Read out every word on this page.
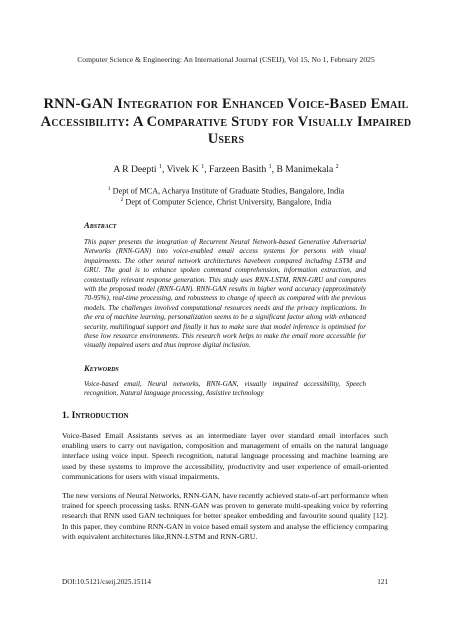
Computer Science & Engineering: An International Journal (CSEIJ), Vol 15, No 1, February 2025
RNN-GAN Integration for Enhanced Voice-Based Email Accessibility: A Comparative Study for Visually Impaired Users
A R Deepti $^1$, Vivek K $^1$, Farzeen Basith $^1$, B Manimekala $^2$
$^1$ Dept of MCA, Acharya Institute of Graduate Studies, Bangalore, India
$^2$ Dept of Computer Science, Christ University, Bangalore, India
Abstract
This paper presents the integration of Recurrent Neural Network-based Generative Adversarial Networks (RNN-GAN) into voice-enabled email access systems for persons with visual impairments. The other neural network architectures havebeen compared including LSTM and GRU. The goal is to enhance spoken command comprehension, information extraction, and contextually relevant response generation. This study uses RNN-LSTM, RNN-GRU and compares with the proposed model (RNN-GAN). RNN-GAN results in higher word accuracy (approximately 70-95%), real-time processing, and robustness to change of speech as compared with the previous models. The challenges involved computational resources needs and the privacy implications. In the era of machine learning, personalization seems to be a significant factor along with enhanced security, multilingual support and finally it has to make sure that model inference is optimised for these low resource environments. This research work helps to make the email more accessible for visually impaired users and thus improve digital inclusion.
Keywords
Voice-based email, Neural networks, RNN-GAN, visually impaired accessibility, Speech recognition, Natural language processing, Assistive technology
1. Introduction
Voice-Based Email Assistants serves as an intermediate layer over standard email interfaces such enabling users to carry out navigation, composition and management of emails on the natural language interface using voice input. Speech recognition, natural language processing and machine learning are used by these systems to improve the accessibility, productivity and user experience of email-oriented communications for users with visual impairments.
The new versions of Neural Networks, RNN-GAN, have recently achieved state-of-art performance when trained for speech processing tasks. RNN-GAN was proven to generate multi-speaking voice by referring research that RNN used GAN techniques for better speaker embedding and favourite sound quality [12]. In this paper, they combine RNN-GAN in voice based email system and analyse the efficiency comparing with equivalent architectures like,RNN-LSTM and RNN-GRU.
DOI:10.5121/cseij.2025.15114	121
